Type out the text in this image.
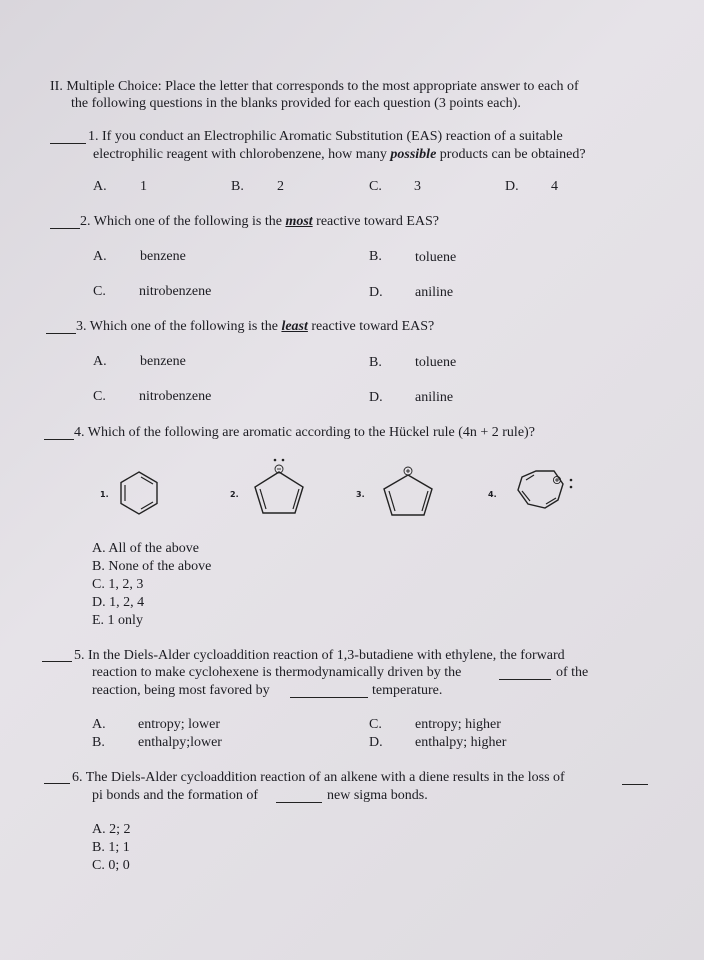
II. Multiple Choice: Place the letter that corresponds to the most appropriate answer to each of
the following questions in the blanks provided for each question (3 points each).
1. If you conduct an Electrophilic Aromatic Substitution (EAS) reaction of a suitable
electrophilic reagent with chlorobenzene, how many possible products can be obtained?
A. 1	B. 2	C. 3	D. 4
2. Which one of the following is the most reactive toward EAS?
A. benzene	B. toluene
C. nitrobenzene	D. aniline
3. Which one of the following is the least reactive toward EAS?
A. benzene	B. toluene
C. nitrobenzene	D. aniline
4. Which of the following are aromatic according to the Hückel rule (4n + 2 rule)?
1.	2.	3.	4.
A. All of the above
B. None of the above
C. 1, 2, 3
D. 1, 2, 4
E. 1 only
5. In the Diels-Alder cycloaddition reaction of 1,3-butadiene with ethylene, the forward
reaction to make cyclohexene is thermodynamically driven by the	of the
reaction, being most favored by	temperature.
A. entropy; lower
B. enthalpy;lower
C. entropy; higher
D. enthalpy; higher
6. The Diels-Alder cycloaddition reaction of an alkene with a diene results in the loss of
pi bonds and the formation of	new sigma bonds.
A. 2; 2
B. 1; 1
C. 0; 0
